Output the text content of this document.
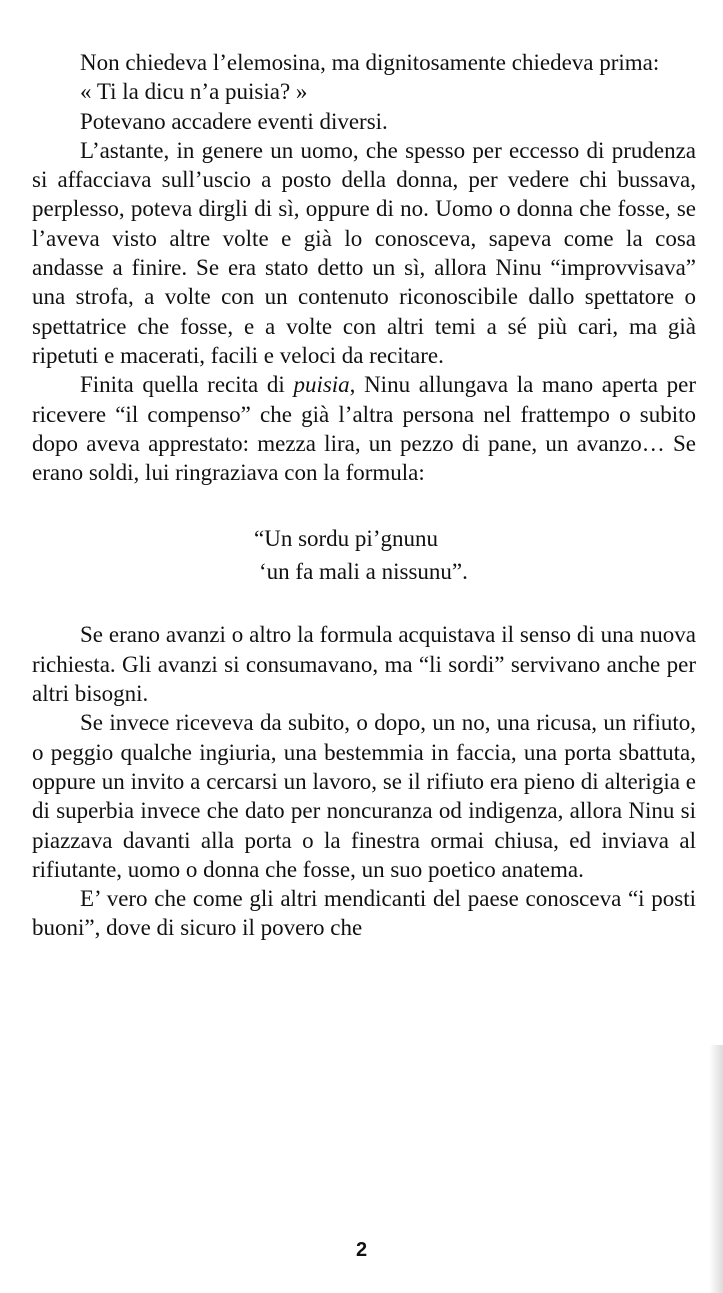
Non chiedeva l’elemosina, ma dignitosamente chiedeva prima:

« Ti la dicu n’a puisia? »

Potevano accadere eventi diversi.

L’astante, in genere un uomo, che spesso per eccesso di prudenza si affacciava sull’uscio a posto della donna, per vedere chi bussava, perplesso, poteva dirgli di sì, oppure di no. Uomo o donna che fosse, se l’aveva visto altre volte e già lo conosceva, sapeva come la cosa andasse a finire. Se era stato detto un sì, allora Ninu “improvvisava” una strofa, a volte con un contenuto riconoscibile dallo spettatore o spettatrice che fosse, e a volte con altri temi a sé più cari, ma già ripetuti e macerati, facili e veloci da recitare.

Finita quella recita di puisia, Ninu allungava la mano aperta per ricevere “il compenso” che già l’altra persona nel frattempo o subito dopo aveva apprestato: mezza lira, un pezzo di pane, un avanzo… Se erano soldi, lui ringraziava con la formula:

“Un sordu pi’gnunu
‘un fa mali a nissunu”.

Se erano avanzi o altro la formula acquistava il senso di una nuova richiesta. Gli avanzi si consumavano, ma “li sordi” servivano anche per altri bisogni.

Se invece riceveva da subito, o dopo, un no, una ricusa, un rifiuto, o peggio qualche ingiuria, una bestemmia in faccia, una porta sbattuta, oppure un invito a cercarsi un lavoro, se il rifiuto era pieno di alterigia e di superbia invece che dato per noncuranza od indigenza, allora Ninu si piazzava davanti alla porta o la finestra ormai chiusa, ed inviava al rifiutante, uomo o donna che fosse, un suo poetico anatema.

E’ vero che come gli altri mendicanti del paese conosceva “i posti buoni”, dove di sicuro il povero che

2
